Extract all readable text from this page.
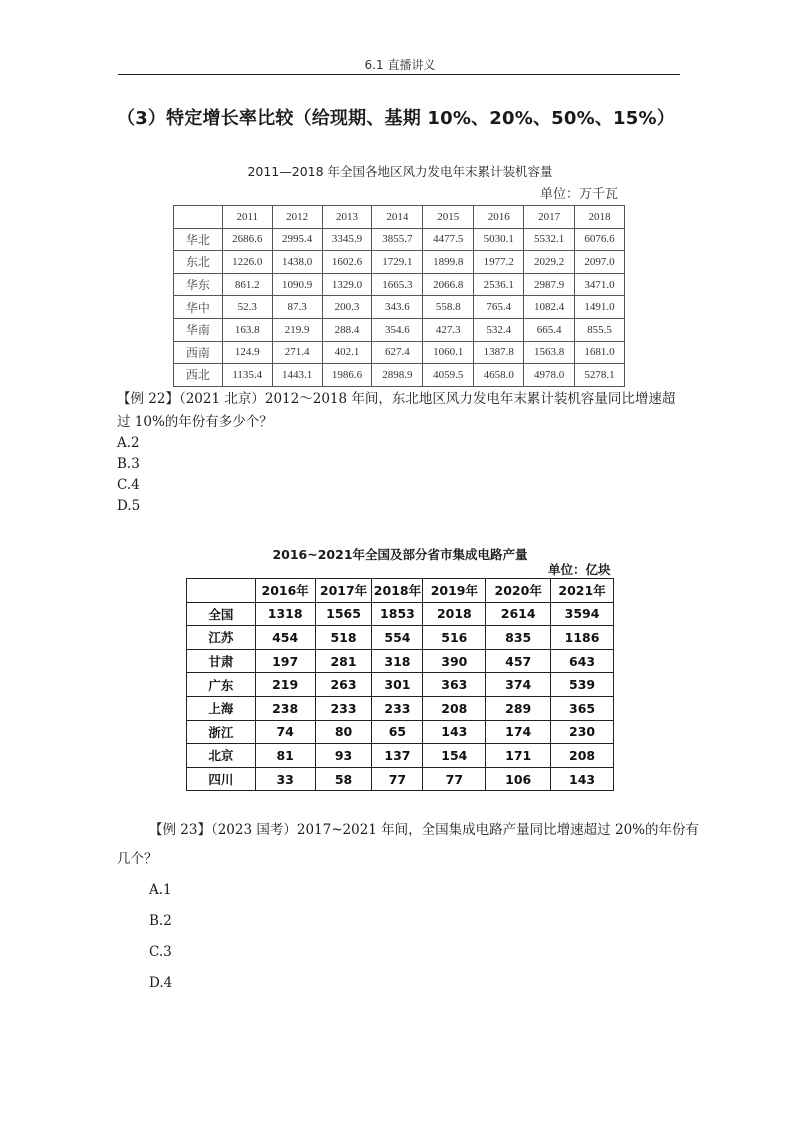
6.1 直播讲义
（3）特定增长率比较（给现期、基期 10%、20%、50%、15%）
2011—2018 年全国各地区风力发电年末累计装机容量
单位：万千瓦
	2011	2012	2013	2014	2015	2016	2017	2018
华北	2686.6	2995.4	3345.9	3855.7	4477.5	5030.1	5532.1	6076.6
东北	1226.0	1438.0	1602.6	1729.1	1899.8	1977.2	2029.2	2097.0
华东	861.2	1090.9	1329.0	1665.3	2066.8	2536.1	2987.9	3471.0
华中	52.3	87.3	200.3	343.6	558.8	765.4	1082.4	1491.0
华南	163.8	219.9	288.4	354.6	427.3	532.4	665.4	855.5
西南	124.9	271.4	402.1	627.4	1060.1	1387.8	1563.8	1681.0
西北	1135.4	1443.1	1986.6	2898.9	4059.5	4658.0	4978.0	5278.1
【例 22】（2021 北京）2012～2018 年间，东北地区风力发电年末累计装机容量同比增速超
过 10%的年份有多少个？
A.2
B.3
C.4
D.5
2016~2021年全国及部分省市集成电路产量
单位：亿块
	2016年	2017年	2018年	2019年	2020年	2021年
全国	1318	1565	1853	2018	2614	3594
江苏	454	518	554	516	835	1186
甘肃	197	281	318	390	457	643
广东	219	263	301	363	374	539
上海	238	233	233	208	289	365
浙江	74	80	65	143	174	230
北京	81	93	137	154	171	208
四川	33	58	77	77	106	143
【例 23】（2023 国考）2017~2021 年间，全国集成电路产量同比增速超过 20%的年份有
几个？
A.1
B.2
C.3
D.4
